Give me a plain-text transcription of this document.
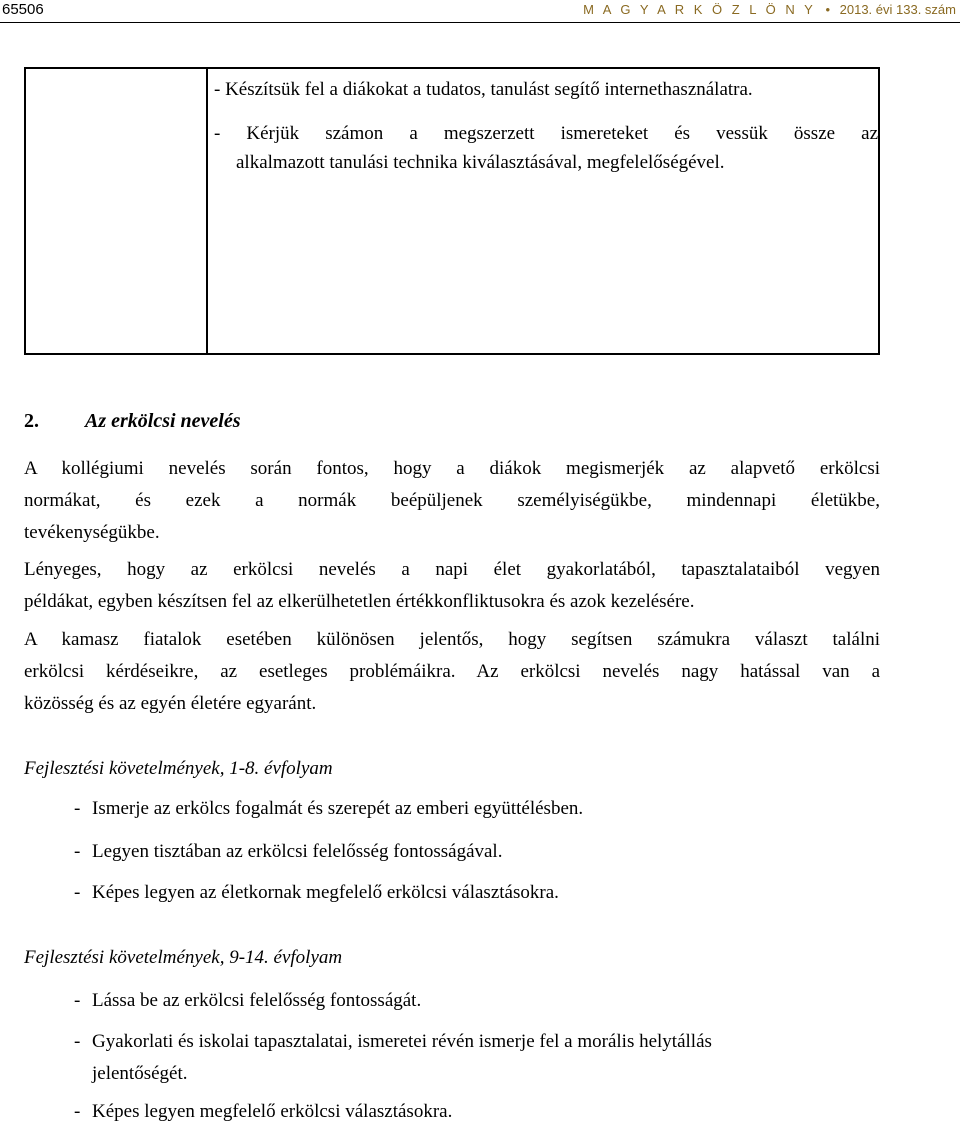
65506	M A G Y A R K Ö Z L Ö N Y • 2013. évi 133. szám
- Készítsük fel a diákokat a tudatos, tanulást segítő internethasználatra.
- Kérjük számon a megszerzett ismereteket és vessük össze az
alkalmazott tanulási technika kiválasztásával, megfelelőségével.
2. Az erkölcsi nevelés
A kollégiumi nevelés során fontos, hogy a diákok megismerjék az alapvető erkölcsi
normákat, és ezek a normák beépüljenek személyiségükbe, mindennapi életükbe,
tevékenységükbe.
Lényeges, hogy az erkölcsi nevelés a napi élet gyakorlatából, tapasztalataiból vegyen
példákat, egyben készítsen fel az elkerülhetetlen értékkonfliktusokra és azok kezelésére.
A kamasz fiatalok esetében különösen jelentős, hogy segítsen számukra választ találni
erkölcsi kérdéseikre, az esetleges problémáikra. Az erkölcsi nevelés nagy hatással van a
közösség és az egyén életére egyaránt.
Fejlesztési követelmények, 1-8. évfolyam
- Ismerje az erkölcs fogalmát és szerepét az emberi együttélésben.
- Legyen tisztában az erkölcsi felelősség fontosságával.
- Képes legyen az életkornak megfelelő erkölcsi választásokra.
Fejlesztési követelmények, 9-14. évfolyam
- Lássa be az erkölcsi felelősség fontosságát.
- Gyakorlati és iskolai tapasztalatai, ismeretei révén ismerje fel a morális helytállás
jelentőségét.
- Képes legyen megfelelő erkölcsi választásokra.
